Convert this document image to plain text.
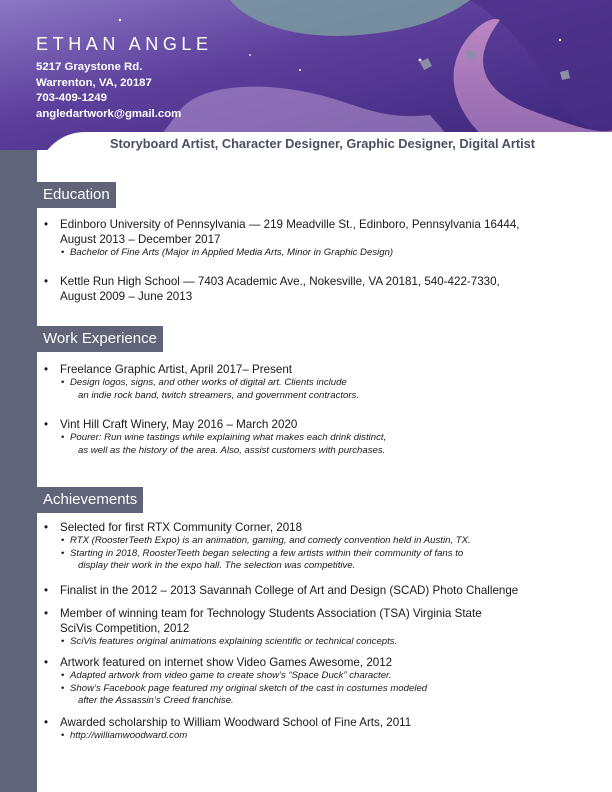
ETHAN ANGLE
5217 Graystone Rd.
Warrenton, VA, 20187
703-409-1249
angledartwork@gmail.com
Storyboard Artist, Character Designer, Graphic Designer, Digital Artist
Education
• Edinboro University of Pennsylvania — 219 Meadville St., Edinboro, Pennsylvania 16444,
August 2013 – December 2017
• Bachelor of Fine Arts (Major in Applied Media Arts, Minor in Graphic Design)
• Kettle Run High School — 7403 Academic Ave., Nokesville, VA 20181, 540-422-7330,
August 2009 – June 2013
Work Experience
• Freelance Graphic Artist, April 2017– Present
• Design logos, signs, and other works of digital art. Clients include
an indie rock band, twitch streamers, and government contractors.
• Vint Hill Craft Winery, May 2016 – March 2020
• Pourer: Run wine tastings while explaining what makes each drink distinct,
as well as the history of the area. Also, assist customers with purchases.
Achievements
• Selected for first RTX Community Corner, 2018
• RTX (RoosterTeeth Expo) is an animation, gaming, and comedy convention held in Austin, TX.
• Starting in 2018, RoosterTeeth began selecting a few artists within their community of fans to
display their work in the expo hall. The selection was competitive.
• Finalist in the 2012 – 2013 Savannah College of Art and Design (SCAD) Photo Challenge
• Member of winning team for Technology Students Association (TSA) Virginia State
SciVis Competition, 2012
• SciVis features original animations explaining scientific or technical concepts.
• Artwork featured on internet show Video Games Awesome, 2012
• Adapted artwork from video game to create show’s “Space Duck” character.
• Show’s Facebook page featured my original sketch of the cast in costumes modeled
after the Assassin’s Creed franchise.
• Awarded scholarship to William Woodward School of Fine Arts, 2011
• http://williamwoodward.com
